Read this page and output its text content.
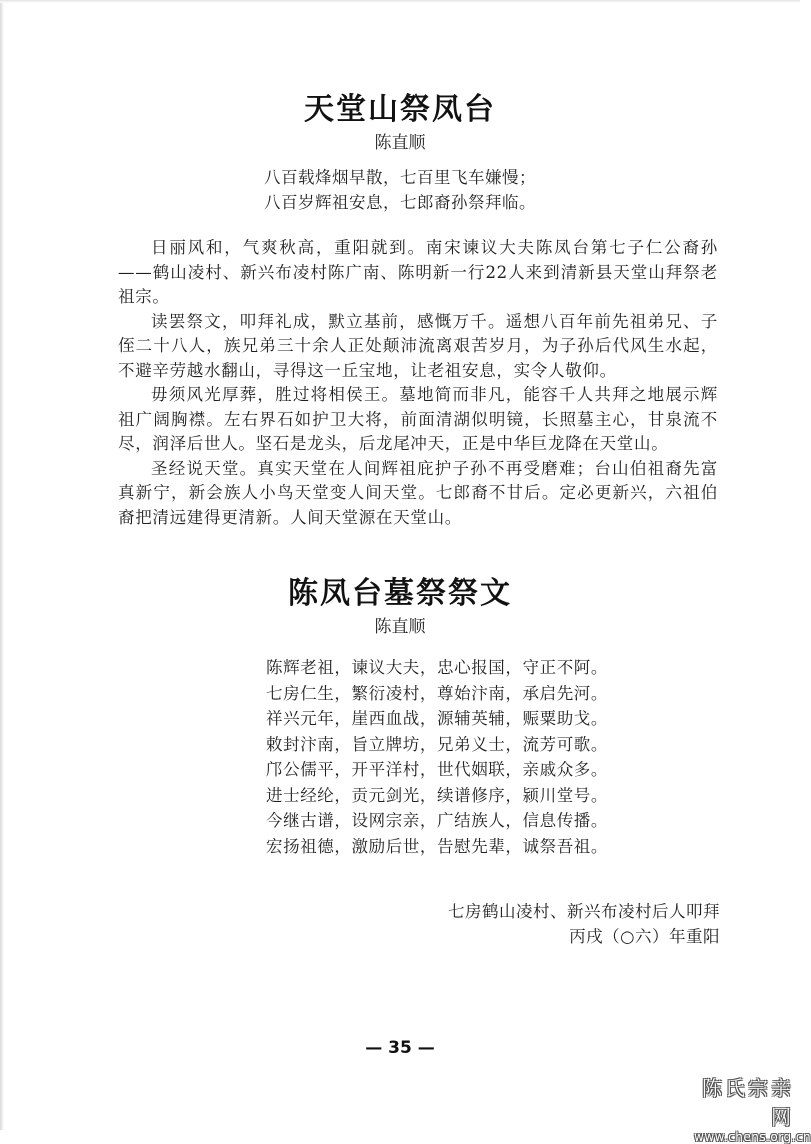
天堂山祭凤台
陈直顺
八百载烽烟早散，七百里飞车嫌慢；
八百岁辉祖安息，七郎裔孙祭拜临。

日丽风和，气爽秋高，重阳就到。南宋谏议大夫陈凤台第七子仁公裔孙——鹤山凌村、新兴布凌村陈广南、陈明新一行22人来到清新县天堂山拜祭老祖宗。

读罢祭文，叩拜礼成，默立基前，感慨万千。遥想八百年前先祖弟兄、子侄二十八人，族兄弟三十余人正处颠沛流离艰苦岁月，为子孙后代风生水起，不避辛劳越水翻山，寻得这一丘宝地，让老祖安息，实令人敬仰。

毋须风光厚葬，胜过将相侯王。墓地简而非凡，能容千人共拜之地展示辉祖广阔胸襟。左右界石如护卫大将，前面清湖似明镜，长照墓主心，甘泉流不尽，润泽后世人。坚石是龙头，后龙尾冲天，正是中华巨龙降在天堂山。

圣经说天堂。真实天堂在人间辉祖庇护子孙不再受磨难；台山伯祖裔先富真新宁，新会族人小鸟天堂变人间天堂。七郎裔不甘后。定必更新兴，六祖伯裔把清远建得更清新。人间天堂源在天堂山。

陈凤台墓祭祭文
陈直顺
陈辉老祖，谏议大夫，忠心报国，守正不阿。
七房仁生，繁衍凌村，尊始汴南，承启先河。
祥兴元年，崖西血战，源辅英辅，赈粟助戈。
敕封汴南，旨立牌坊，兄弟义士，流芳可歌。
邝公儒平，开平洋村，世代姻联，亲戚众多。
进士经纶，贡元剑光，续谱修序，颍川堂号。
今继古谱，设网宗亲，广结族人，信息传播。
宏扬祖德，激励后世，告慰先辈，诚祭吾祖。
七房鹤山凌村、新兴布凌村后人叩拜
丙戌（○六）年重阳
— 35 —
陈氏宗亲网
www.chens.org.cn
